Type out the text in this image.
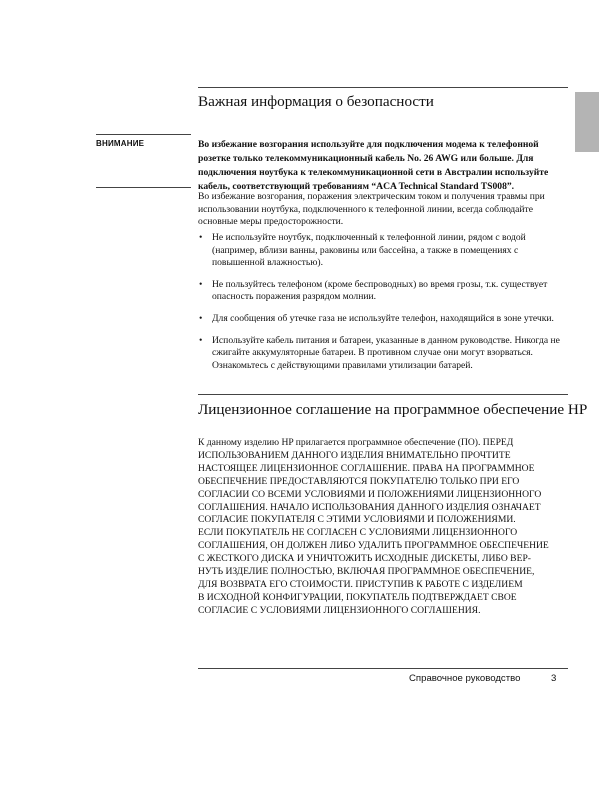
Важная информация о безопасности
ВНИМАНИЕ	Во избежание возгорания используйте для подключения модема к телефонной розетке только телекоммуникационный кабель No. 26 AWG или больше. Для подключения ноутбука к телекоммуникационной сети в Австралии используйте кабель, соответствующий требованиям “ACA Technical Standard TS008”.
Во избежание возгорания, поражения электрическим током и получения травмы при использовании ноутбука, подключенного к телефонной линии, всегда соблюдайте основные меры предосторожности.
• Не используйте ноутбук, подключенный к телефонной линии, рядом с водой (например, вблизи ванны, раковины или бассейна, а также в помещениях с повышенной влажностью).
• Не пользуйтесь телефоном (кроме беспроводных) во время грозы, т.к. существует опасность поражения разрядом молнии.
• Для сообщения об утечке газа не используйте телефон, находящийся в зоне утечки.
• Используйте кабель питания и батареи, указанные в данном руководстве. Никогда не сжигайте аккумуляторные батареи. В противном случае они могут взорваться. Ознакомьтесь с действующими правилами утилизации батарей.
Лицензионное соглашение на программное обеспечение HP
К данному изделию HP прилагается программное обеспечение (ПО). ПЕРЕД
ИСПОЛЬЗОВАНИЕМ ДАННОГО ИЗДЕЛИЯ ВНИМАТЕЛЬНО ПРОЧТИТЕ
НАСТОЯЩЕЕ ЛИЦЕНЗИОННОЕ СОГЛАШЕНИЕ. ПРАВА НА ПРОГРАММНОЕ
ОБЕСПЕЧЕНИЕ ПРЕДОСТАВЛЯЮТСЯ ПОКУПАТЕЛЮ ТОЛЬКО ПРИ ЕГО
СОГЛАСИИ СО ВСЕМИ УСЛОВИЯМИ И ПОЛОЖЕНИЯМИ ЛИЦЕНЗИОННОГО
СОГЛАШЕНИЯ. НАЧАЛО ИСПОЛЬЗОВАНИЯ ДАННОГО ИЗДЕЛИЯ ОЗНАЧАЕТ
СОГЛАСИЕ ПОКУПАТЕЛЯ С ЭТИМИ УСЛОВИЯМИ И ПОЛОЖЕНИЯМИ.
ЕСЛИ ПОКУПАТЕЛЬ НЕ СОГЛАСЕН С УСЛОВИЯМИ ЛИЦЕНЗИОННОГО
СОГЛАШЕНИЯ, ОН ДОЛЖЕН ЛИБО УДАЛИТЬ ПРОГРАММНОЕ ОБЕСПЕЧЕНИЕ
С ЖЕСТКОГО ДИСКА И УНИЧТОЖИТЬ ИСХОДНЫЕ ДИСКЕТЫ, ЛИБО ВЕР-
НУТЬ ИЗДЕЛИЕ ПОЛНОСТЬЮ, ВКЛЮЧАЯ ПРОГРАММНОЕ ОБЕСПЕЧЕНИЕ,
ДЛЯ ВОЗВРАТА ЕГО СТОИМОСТИ. ПРИСТУПИВ К РАБОТЕ С ИЗДЕЛИЕМ
В ИСХОДНОЙ КОНФИГУРАЦИИ, ПОКУПАТЕЛЬ ПОДТВЕРЖДАЕТ СВОЕ
СОГЛАСИЕ С УСЛОВИЯМИ ЛИЦЕНЗИОННОГО СОГЛАШЕНИЯ.
Справочное руководство	3
